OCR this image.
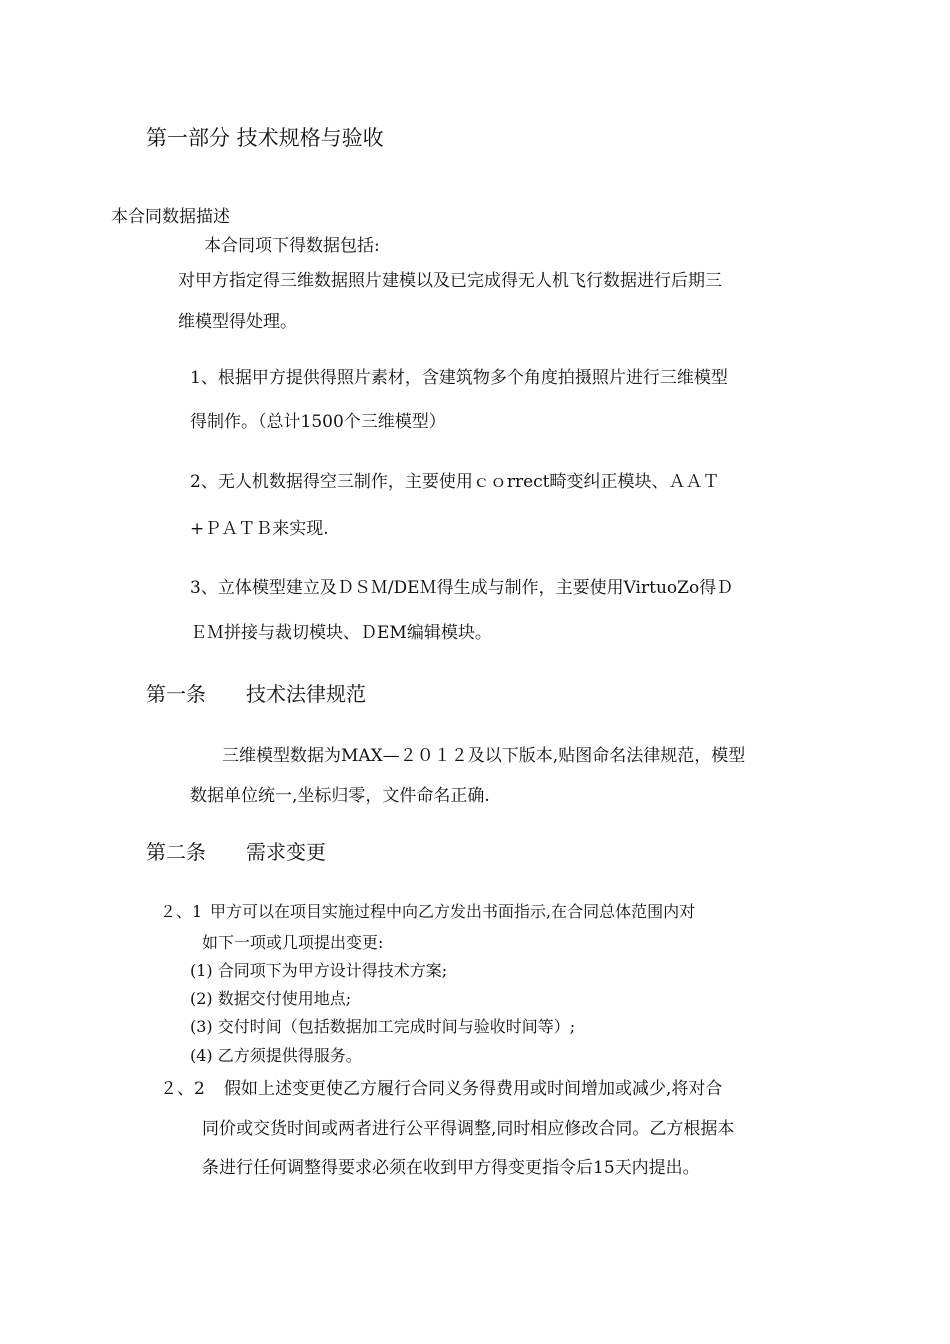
第一部分 技术规格与验收
本合同数据描述
本合同项下得数据包括:
对甲方指定得三维数据照片建模以及已完成得无人机飞行数据进行后期三
维模型得处理。
1、根据甲方提供得照片素材，含建筑物多个角度拍摄照片进行三维模型
得制作。（总计1500个三维模型）
2、无人机数据得空三制作，主要使用ｃｏrrect畸变纠正模块、ＡＡＴ
+ＰＡＴＢ来实现.
3、立体模型建立及ＤＳＭ/DEＭ得生成与制作，主要使用VirtuoZo得Ｄ
ＥＭ拼接与裁切模块、ＤEM编辑模块。
第一条 技术法律规范
三维模型数据为MAX—２０１２及以下版本,贴图命名法律规范，模型
数据单位统一,坐标归零，文件命名正确.
第二条 需求变更
２、1 甲方可以在项目实施过程中向乙方发出书面指示,在合同总体范围内对
如下一项或几项提出变更:
(1) 合同项下为甲方设计得技术方案;
(2) 数据交付使用地点;
(3) 交付时间（包括数据加工完成时间与验收时间等）;
(4) 乙方须提供得服务。
２、2 假如上述变更使乙方履行合同义务得费用或时间增加或减少,将对合
同价或交货时间或两者进行公平得调整,同时相应修改合同。乙方根据本
条进行任何调整得要求必须在收到甲方得变更指令后15天内提出。
